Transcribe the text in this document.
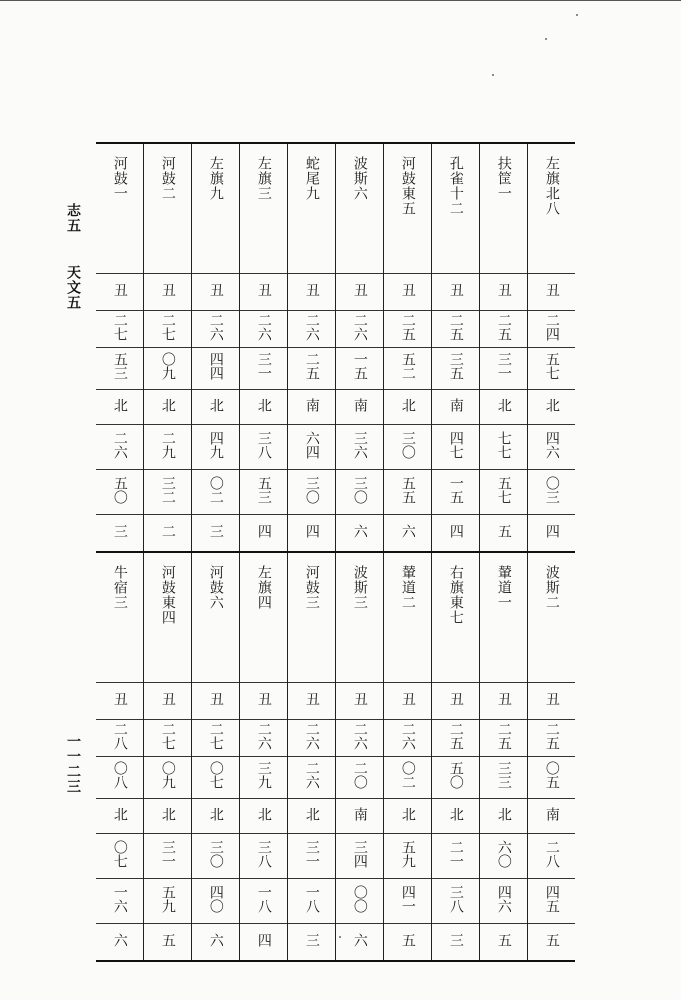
志五
天文五
一一二三
河鼓一	河鼓二	左旗九	左旗三	蛇尾九	波斯六	河鼓東五	孔雀十二	扶筐一	左旗北八
丑	丑	丑	丑	丑	丑	丑	丑	丑	丑
二七	二七	二六	二六	二六	二六	二五	二五	二五	二四
五三	〇九	四四	三一	二五	一五	五二	三五	三一	五七
北	北	北	北	南	南	北	南	北	北
二六	二九	四九	三八	六四	三六	三〇	四七	七七	四六
五〇	三二	〇二	五三	三〇	三〇	五五	一五	五七	〇三
三	二	三	四	四	六	六	四	五	四
牛宿三	河鼓東四	河鼓六	左旗四	河鼓三	波斯三	輦道二	右旗東七	輦道一	波斯二
丑	丑	丑	丑	丑	丑	丑	丑	丑	丑
二八	二七	二七	二六	二六	二六	二六	二五	二五	二五
〇八	〇九	〇七	三九	二六	二〇	〇二	五〇	三三	〇五
北	北	北	北	北	南	北	北	北	南
〇七	三一	三〇	三八	三一	三四	五九	二一	六〇	二八
一六	五九	四〇	一八	一八	〇〇	四一	三八	四六	四五
六	五	六	四	三	六	五	三	五	五
